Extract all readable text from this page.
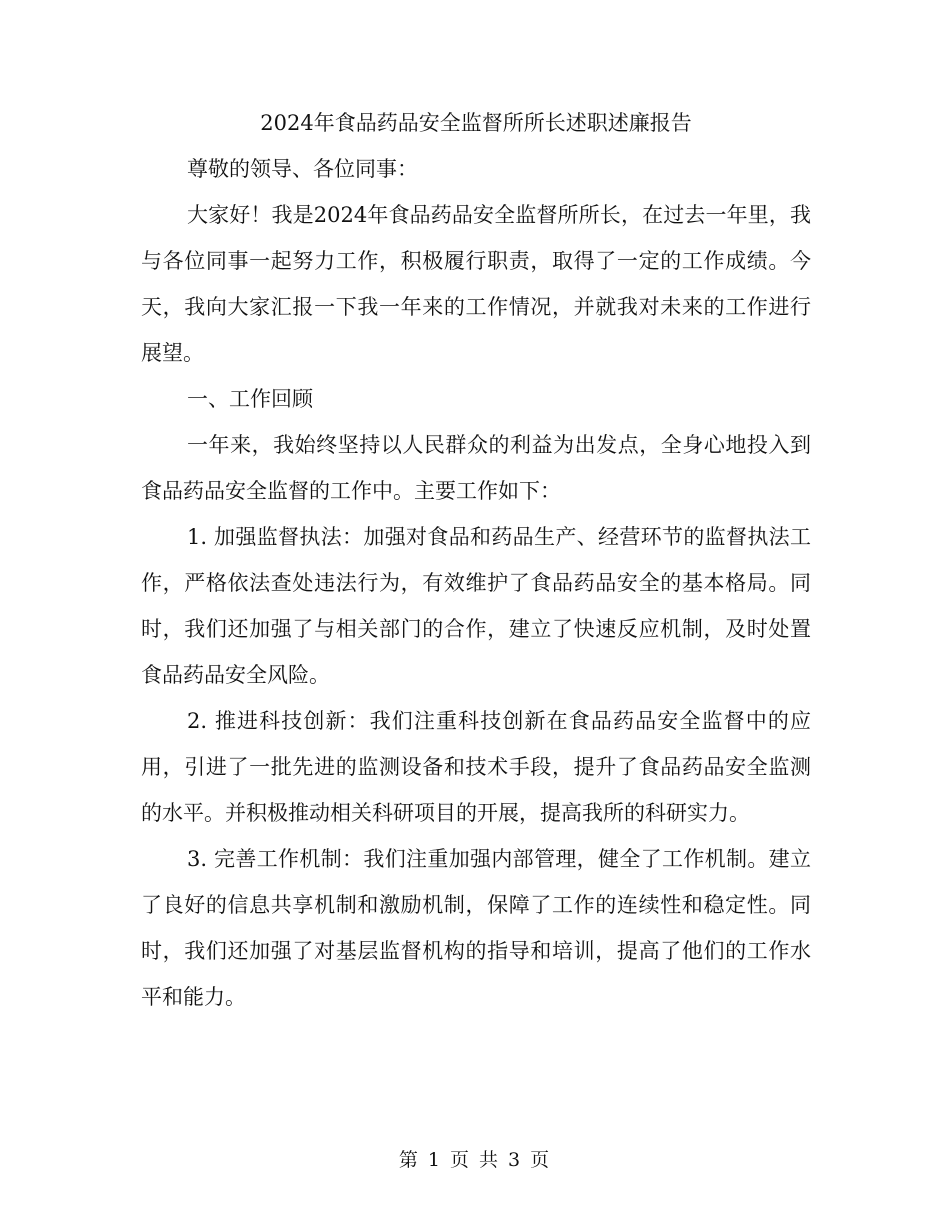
2024年食品药品安全监督所所长述职述廉报告

尊敬的领导、各位同事：

大家好！我是2024年食品药品安全监督所所长，在过去一年里，我与各位同事一起努力工作，积极履行职责，取得了一定的工作成绩。今天，我向大家汇报一下我一年来的工作情况，并就我对未来的工作进行展望。

一、工作回顾

一年来，我始终坚持以人民群众的利益为出发点，全身心地投入到食品药品安全监督的工作中。主要工作如下：

1. 加强监督执法：加强对食品和药品生产、经营环节的监督执法工作，严格依法查处违法行为，有效维护了食品药品安全的基本格局。同时，我们还加强了与相关部门的合作，建立了快速反应机制，及时处置食品药品安全风险。

2. 推进科技创新：我们注重科技创新在食品药品安全监督中的应用，引进了一批先进的监测设备和技术手段，提升了食品药品安全监测的水平。并积极推动相关科研项目的开展，提高我所的科研实力。

3. 完善工作机制：我们注重加强内部管理，健全了工作机制。建立了良好的信息共享机制和激励机制，保障了工作的连续性和稳定性。同时，我们还加强了对基层监督机构的指导和培训，提高了他们的工作水平和能力。

第 1 页 共 3 页
